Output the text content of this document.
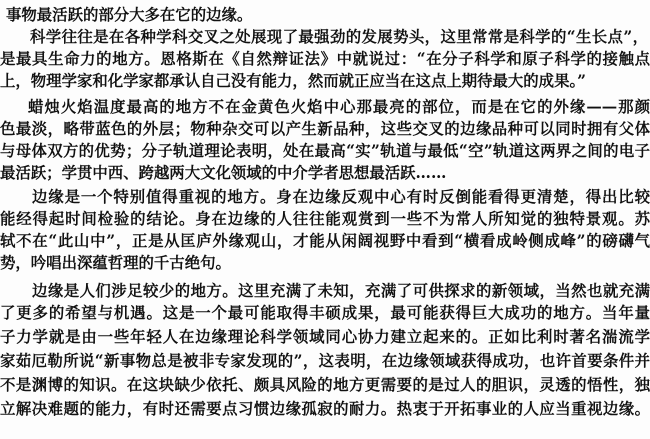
事物最活跃的部分大多在它的边缘。
科学往往是在各种学科交叉之处展现了最强劲的发展势头，这里常常是科学的“生长点”，
是最具生命力的地方。恩格斯在《自然辩证法》中就说过：“在分子科学和原子科学的接触点
上，物理学家和化学家都承认自己没有能力，然而就正应当在这点上期待最大的成果。”
蜡烛火焰温度最高的地方不在金黄色火焰中心那最亮的部位，而是在它的外缘——那颜
色最淡，略带蓝色的外层；物种杂交可以产生新品种，这些交叉的边缘品种可以同时拥有父体
与母体双方的优势；分子轨道理论表明，处在最高“实”轨道与最低“空”轨道这两界之间的电子
最活跃；学贯中西、跨越两大文化领域的中介学者思想最活跃……
边缘是一个特别值得重视的地方。身在边缘反观中心有时反倒能看得更清楚，得出比较
能经得起时间检验的结论。身在边缘的人往往能观赏到一些不为常人所知觉的独特景观。苏
轼不在“此山中”，正是从匡庐外缘观山，才能从闲阔视野中看到“横看成岭侧成峰”的磅礴气
势，吟唱出深蕴哲理的千古绝句。
边缘是人们涉足较少的地方。这里充满了未知，充满了可供探求的新领域，当然也就充满
了更多的希望与机遇。这是一个最可能取得丰硕成果，最可能获得巨大成功的地方。当年量
子力学就是由一些年轻人在边缘理论科学领域同心协力建立起来的。正如比利时著名湍流学
家茹厄勒所说“新事物总是被非专家发现的”，这表明，在边缘领域获得成功，也许首要条件并
不是渊博的知识。在这块缺少依托、颇具风险的地方更需要的是过人的胆识，灵透的悟性，独
立解决难题的能力，有时还需要点习惯边缘孤寂的耐力。热衷于开拓事业的人应当重视边缘。
